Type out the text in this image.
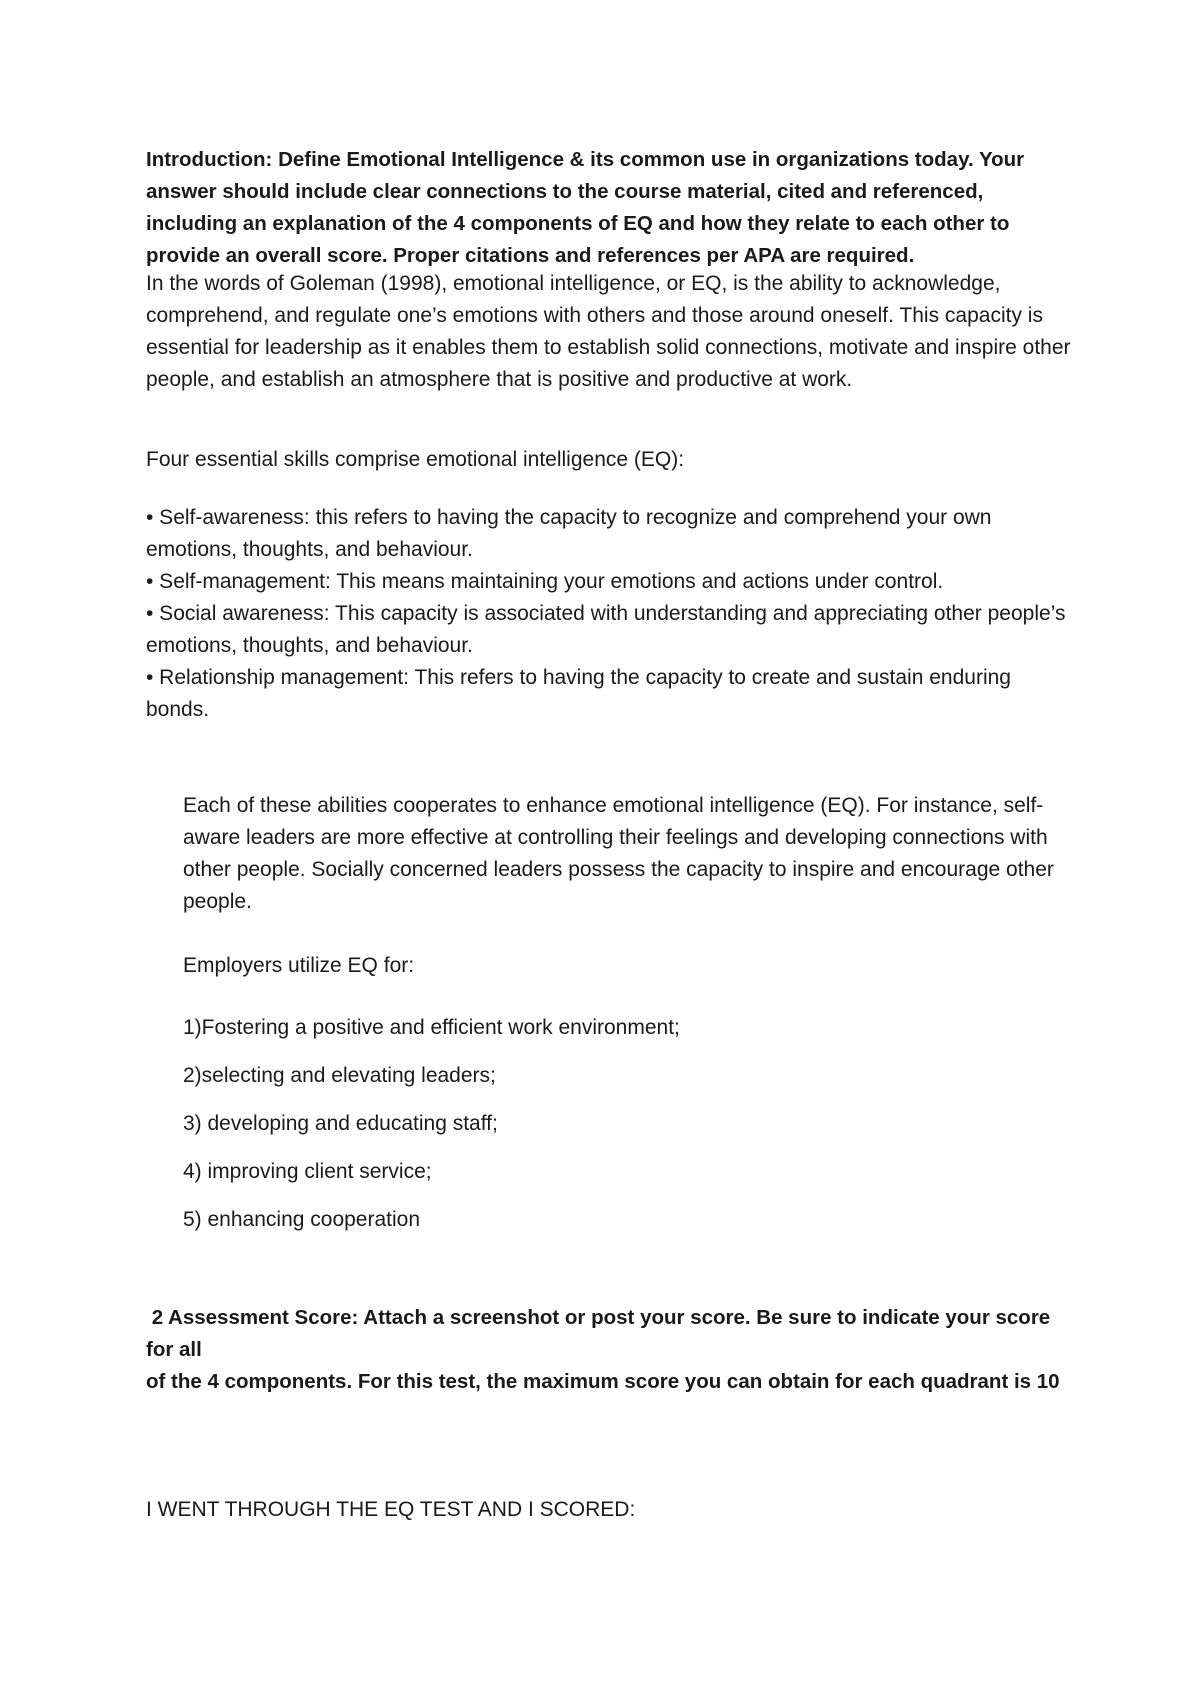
Introduction: Define Emotional Intelligence & its common use in organizations today. Your answer should include clear connections to the course material, cited and referenced, including an explanation of the 4 components of EQ and how they relate to each other to provide an overall score. Proper citations and references per APA are required.

In the words of Goleman (1998), emotional intelligence, or EQ, is the ability to acknowledge, comprehend, and regulate one’s emotions with others and those around oneself. This capacity is essential for leadership as it enables them to establish solid connections, motivate and inspire other people, and establish an atmosphere that is positive and productive at work.

Four essential skills comprise emotional intelligence (EQ):

• Self-awareness: this refers to having the capacity to recognize and comprehend your own emotions, thoughts, and behaviour.

• Self-management: This means maintaining your emotions and actions under control.

• Social awareness: This capacity is associated with understanding and appreciating other people’s emotions, thoughts, and behaviour.

• Relationship management: This refers to having the capacity to create and sustain enduring bonds.

Each of these abilities cooperates to enhance emotional intelligence (EQ). For instance, self-aware leaders are more effective at controlling their feelings and developing connections with other people. Socially concerned leaders possess the capacity to inspire and encourage other people.

Employers utilize EQ for:

1)Fostering a positive and efficient work environment;

2)selecting and elevating leaders;

3) developing and educating staff;

4) improving client service;

5) enhancing cooperation

2 Assessment Score: Attach a screenshot or post your score. Be sure to indicate your score for all

of the 4 components. For this test, the maximum score you can obtain for each quadrant is 10

I WENT THROUGH THE EQ TEST AND I SCORED:
